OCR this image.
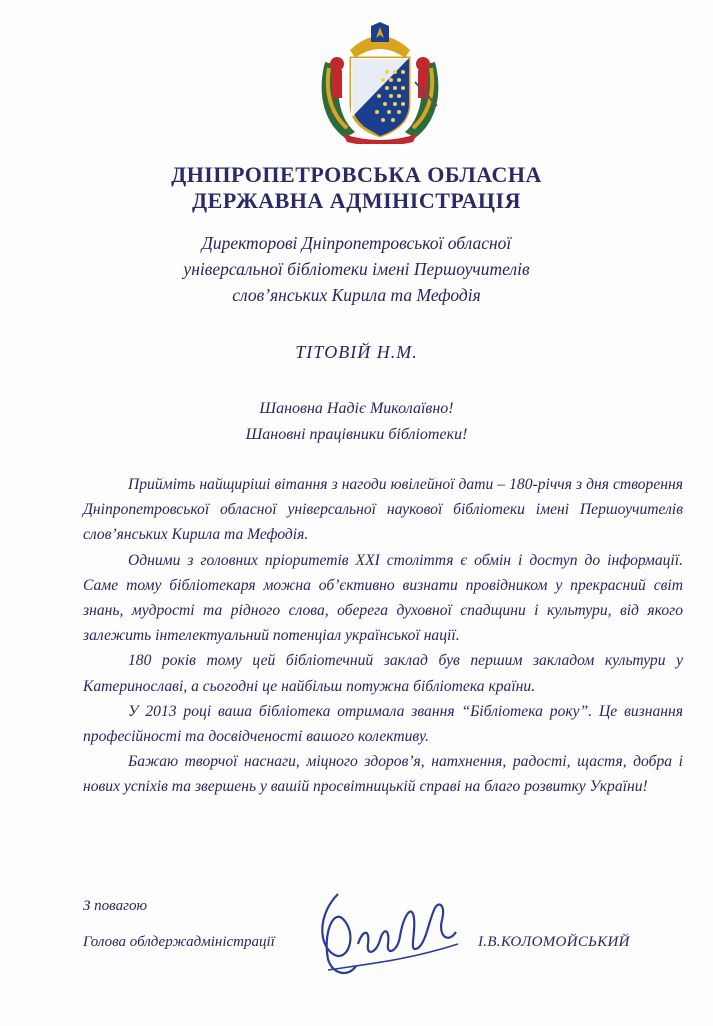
ДНІПРОПЕТРОВСЬКА ОБЛАСНА
ДЕРЖАВНА АДМІНІСТРАЦІЯ
Директорові Дніпропетровської обласної
універсальної бібліотеки імені Першоучителів
слов’янських Кирила та Мефодія
ТІТОВІЙ Н.М.
Шановна Надіє Миколаївно!
Шановні працівники бібліотеки!

Прийміть найщиріші вітання з нагоди ювілейної дати – 180-річчя з дня створення Дніпропетровської обласної універсальної наукової бібліотеки імені Першоучителів слов’янських Кирила та Мефодія.

Одними з головних пріоритетів XXI століття є обмін і доступ до інформації. Саме тому бібліотекаря можна об’єктивно визнати провідником у прекрасний світ знань, мудрості та рідного слова, оберега духовної спадщини і культури, від якого залежить інтелектуальний потенціал української нації.

180 років тому цей бібліотечний заклад був першим закладом культури у Катеринославі, а сьогодні це найбільш потужна бібліотека країни.

У 2013 році ваша бібліотека отримала звання “Бібліотека року”. Це визнання професійності та досвідченості вашого колективу.

Бажаю творчої наснаги, міцного здоров’я, натхнення, радості, щастя, добра і нових успіхів та звершень у вашій просвітницькій справі на благо розвитку України!

З повагою
Голова облдержадміністрації	І.В.КОЛОМОЙСЬКИЙ
